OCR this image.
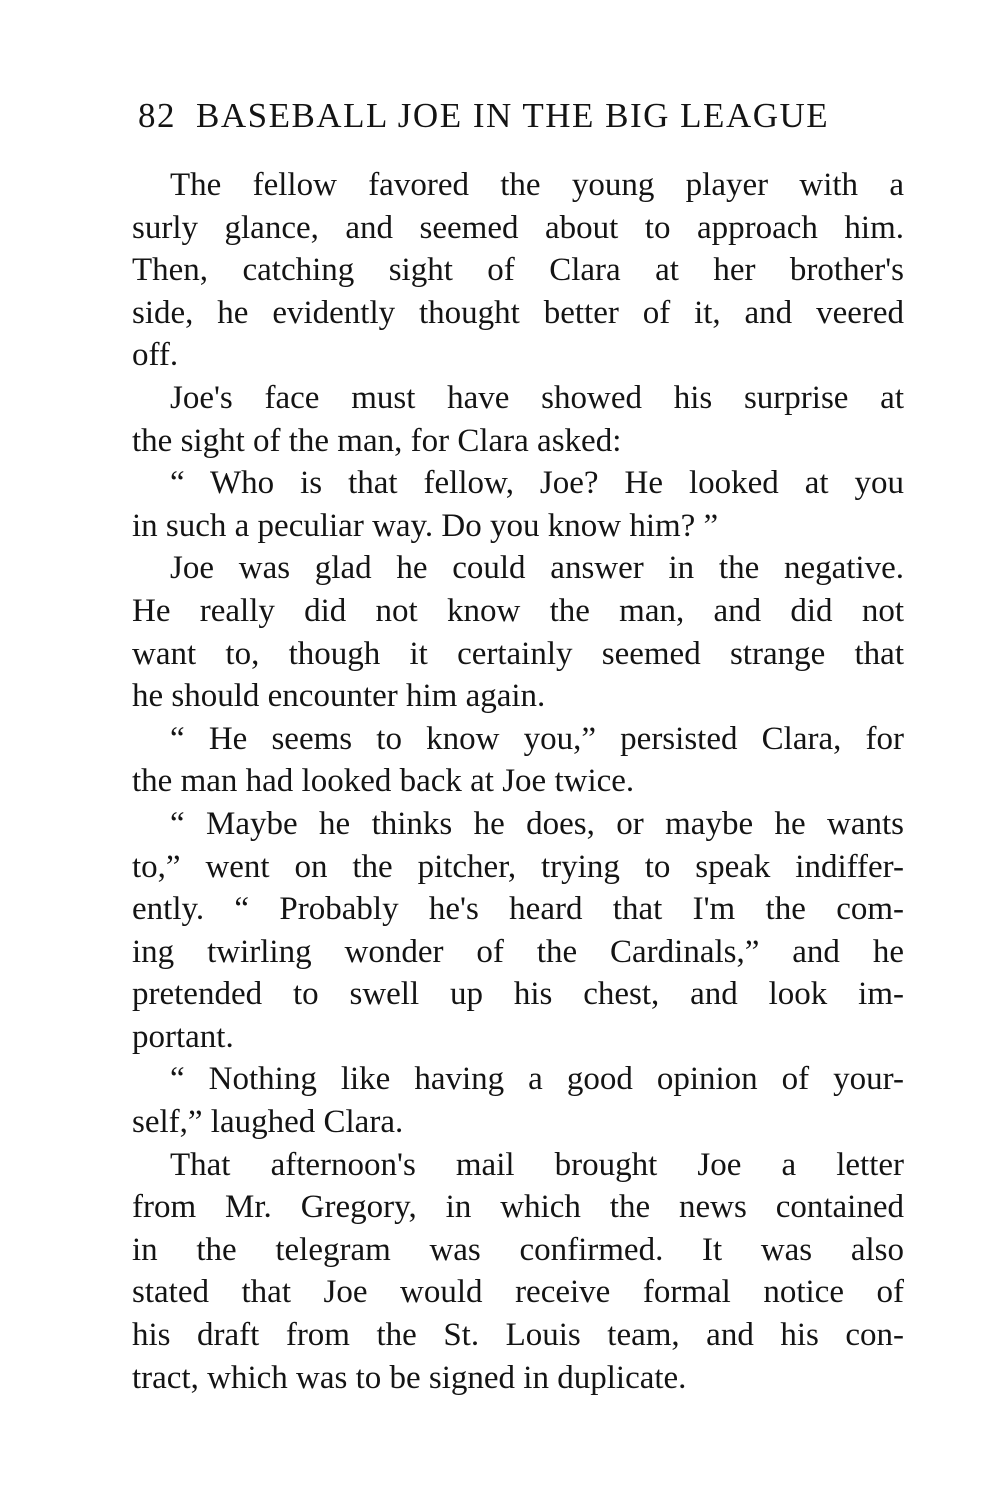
82 BASEBALL JOE IN THE BIG LEAGUE
The fellow favored the young player with a
surly glance, and seemed about to approach him.
Then, catching sight of Clara at her brother's
side, he evidently thought better of it, and veered
off.
Joe's face must have showed his surprise at
the sight of the man, for Clara asked:
“ Who is that fellow, Joe? He looked at you
in such a peculiar way. Do you know him? ”
Joe was glad he could answer in the negative.
He really did not know the man, and did not
want to, though it certainly seemed strange that
he should encounter him again.
“ He seems to know you,” persisted Clara, for
the man had looked back at Joe twice.
“ Maybe he thinks he does, or maybe he wants
to,” went on the pitcher, trying to speak indiffer-
ently. “ Probably he's heard that I'm the com-
ing twirling wonder of the Cardinals,” and he
pretended to swell up his chest, and look im-
portant.
“ Nothing like having a good opinion of your-
self,” laughed Clara.
That afternoon's mail brought Joe a letter
from Mr. Gregory, in which the news contained
in the telegram was confirmed. It was also
stated that Joe would receive formal notice of
his draft from the St. Louis team, and his con-
tract, which was to be signed in duplicate.
